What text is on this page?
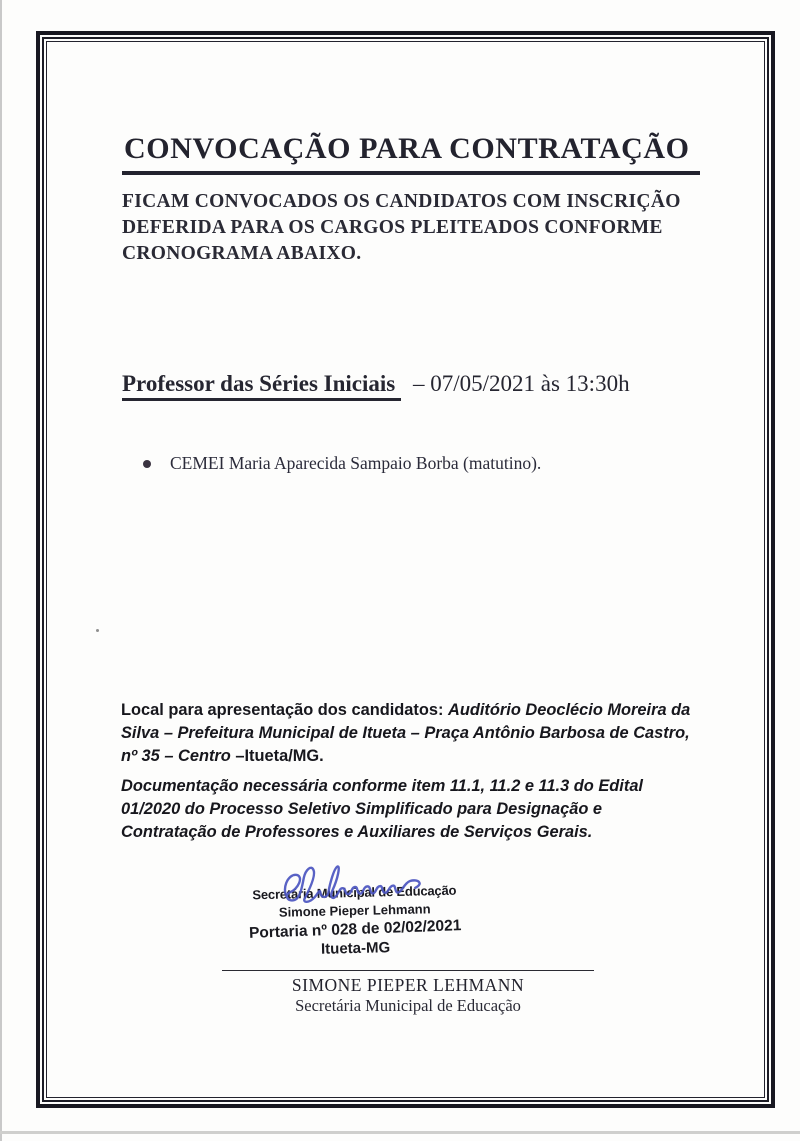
CONVOCAÇÃO PARA CONTRATAÇÃO
FICAM CONVOCADOS OS CANDIDATOS COM INSCRIÇÃO
DEFERIDA PARA OS CARGOS PLEITEADOS CONFORME
CRONOGRAMA ABAIXO.
Professor das Séries Iniciais – 07/05/2021 às 13:30h
CEMEI Maria Aparecida Sampaio Borba (matutino).
Local para apresentação dos candidatos: Auditório Deoclécio Moreira da
Silva – Prefeitura Municipal de Itueta – Praça Antônio Barbosa de Castro,
nº 35 – Centro –Itueta/MG.
Documentação necessária conforme item 11.1, 11.2 e 11.3 do Edital
01/2020 do Processo Seletivo Simplificado para Designação e
Contratação de Professores e Auxiliares de Serviços Gerais.
Secretária Municipal de Educação
Simone Pieper Lehmann
Portaria nº 028 de 02/02/2021
Itueta-MG
SIMONE PIEPER LEHMANN
Secretária Municipal de Educação
